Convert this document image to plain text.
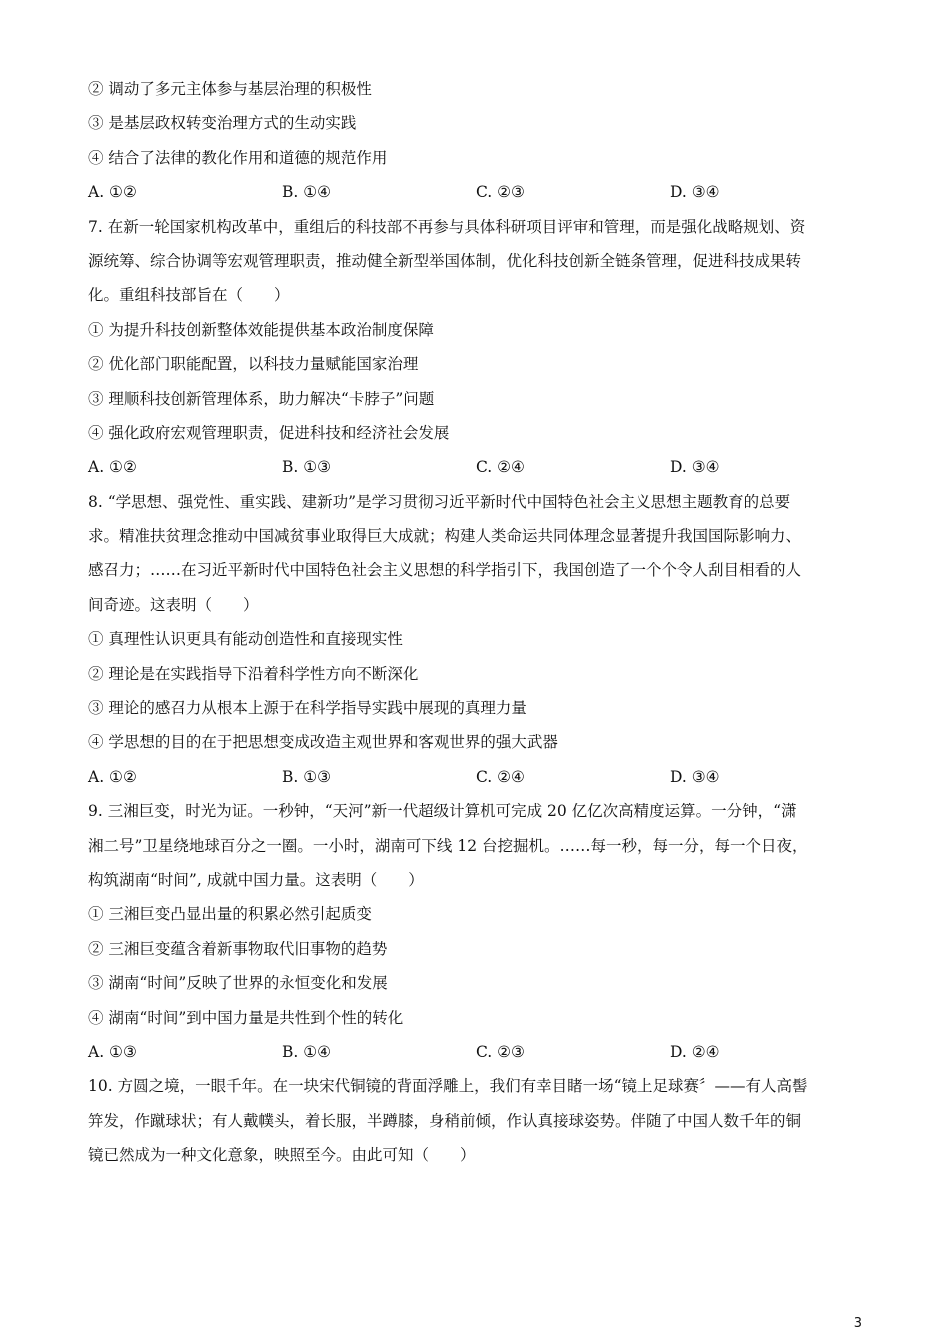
② 调动了多元主体参与基层治理的积极性
③ 是基层政权转变治理方式的生动实践
④ 结合了法律的教化作用和道德的规范作用
A. ①②	B. ①④	C. ②③	D. ③④
7. 在新一轮国家机构改革中，重组后的科技部不再参与具体科研项目评审和管理，而是强化战略规划、资
源统筹、综合协调等宏观管理职责，推动健全新型举国体制，优化科技创新全链条管理，促进科技成果转
化。重组科技部旨在（　　）
① 为提升科技创新整体效能提供基本政治制度保障
② 优化部门职能配置，以科技力量赋能国家治理
③ 理顺科技创新管理体系，助力解决“卡脖子”问题
④ 强化政府宏观管理职责，促进科技和经济社会发展
A. ①②	B. ①③	C. ②④	D. ③④
8. “学思想、强党性、重实践、建新功”是学习贯彻习近平新时代中国特色社会主义思想主题教育的总要
求。精准扶贫理念推动中国减贫事业取得巨大成就；构建人类命运共同体理念显著提升我国国际影响力、
感召力；……在习近平新时代中国特色社会主义思想的科学指引下，我国创造了一个个令人刮目相看的人
间奇迹。这表明（　　）
① 真理性认识更具有能动创造性和直接现实性
② 理论是在实践指导下沿着科学性方向不断深化
③ 理论的感召力从根本上源于在科学指导实践中展现的真理力量
④ 学思想的目的在于把思想变成改造主观世界和客观世界的强大武器
A. ①②	B. ①③	C. ②④	D. ③④
9. 三湘巨变，时光为证。一秒钟，“天河”新一代超级计算机可完成 20 亿亿次高精度运算。一分钟，“潇
湘二号”卫星绕地球百分之一圈。一小时，湖南可下线 12 台挖掘机。……每一秒，每一分，每一个日夜，
构筑湖南“时间”, 成就中国力量。这表明（　　）
① 三湘巨变凸显出量的积累必然引起质变
② 三湘巨变蕴含着新事物取代旧事物的趋势
③ 湖南“时间”反映了世界的永恒变化和发展
④ 湖南“时间”到中国力量是共性到个性的转化
A. ①③	B. ①④	C. ②③	D. ②④
10. 方圆之境，一眼千年。在一块宋代铜镜的背面浮雕上，我们有幸目睹一场“镜上足球赛〞——有人高髻
笄发，作蹴球状；有人戴幞头，着长服，半蹲膝，身稍前倾，作认真接球姿势。伴随了中国人数千年的铜
镜已然成为一种文化意象，映照至今。由此可知（　　）
3
